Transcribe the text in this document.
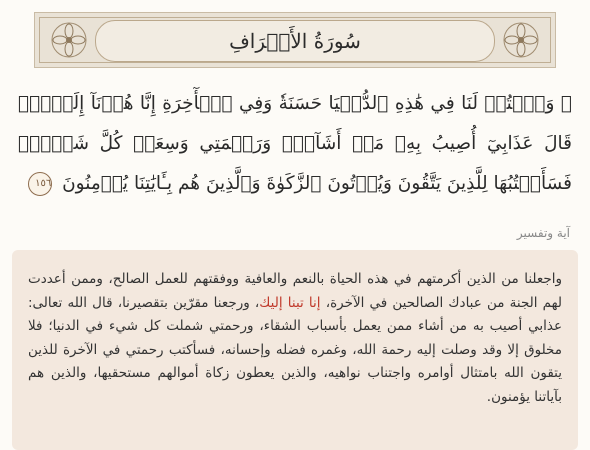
سُورَةُ الأَعۡرَافِ
۞ وَٱكۡتُبۡ لَنَا فِي هَٰذِهِ ٱلدُّنۡيَا حَسَنَةٗ وَفِي ٱلۡأٓخِرَةِ إِنَّا هُدۡنَآ إِلَيۡكَۚ قَالَ عَذَابِيٓ أُصِيبُ بِهِۦ مَنۡ أَشَآءُۖ وَرَحۡمَتِي وَسِعَتۡ كُلَّ شَيۡءٖۚ فَسَأَكۡتُبُهَا لِلَّذِينَ يَتَّقُونَ وَيُؤۡتُونَ ٱلزَّكَوٰةَ وَٱلَّذِينَ هُم بِـَٔايَٰتِنَا يُؤۡمِنُونَ ١٥٦
آية وتفسير
واجعلنا من الذين أكرمتهم في هذه الحياة بالنعم والعافية ووفقتهم للعمل الصالح، وممن أعددت لهم الجنة من عبادك الصالحين في الآخرة، إنا تبنا إليك، ورجعنا مقرّين بتقصيرنا، قال الله تعالى: عذابي أصيب به من أشاء ممن يعمل بأسباب الشقاء، ورحمتي شملت كل شيء في الدنيا؛ فلا مخلوق إلا وقد وصلت إليه رحمة الله، وغمره فضله وإحسانه، فسأكتب رحمتي في الآخرة للذين يتقون الله بامتثال أوامره واجتناب نواهيه، والذين يعطون زكاة أموالهم مستحقيها، والذين هم بآياتنا يؤمنون.
